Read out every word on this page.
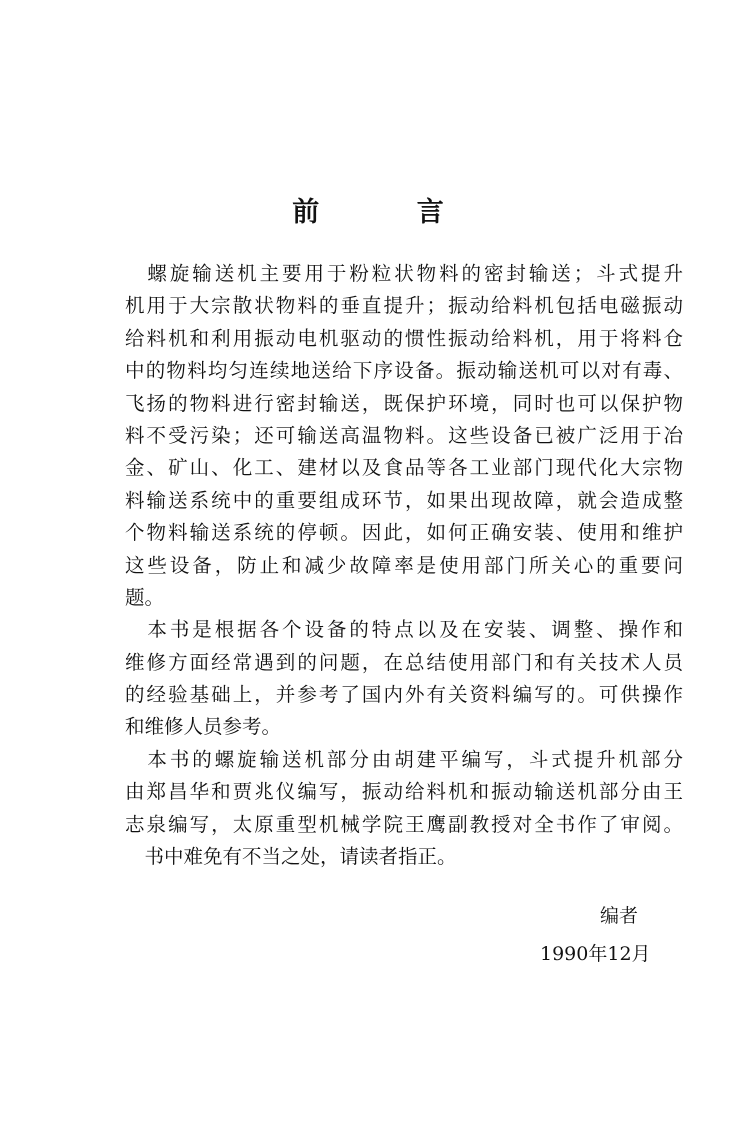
前 言
　螺旋输送机主要用于粉粒状物料的密封输送；斗式提升
机用于大宗散状物料的垂直提升；振动给料机包括电磁振动
给料机和利用振动电机驱动的惯性振动给料机，用于将料仓
中的物料均匀连续地送给下序设备。振动输送机可以对有毒、
飞扬的物料进行密封输送，既保护环境，同时也可以保护物
料不受污染；还可输送高温物料。这些设备已被广泛用于冶
金、矿山、化工、建材以及食品等各工业部门现代化大宗物
料输送系统中的重要组成环节，如果出现故障，就会造成整
个物料输送系统的停顿。因此，如何正确安装、使用和维护
这些设备，防止和减少故障率是使用部门所关心的重要问
题。
　本书是根据各个设备的特点以及在安装、调整、操作和
维修方面经常遇到的问题，在总结使用部门和有关技术人员
的经验基础上，并参考了国内外有关资料编写的。可供操作
和维修人员参考。
　本书的螺旋输送机部分由胡建平编写，斗式提升机部分
由郑昌华和贾兆仪编写，振动给料机和振动输送机部分由王
志泉编写，太原重型机械学院王鹰副教授对全书作了审阅。
　书中难免有不当之处，请读者指正。
编者
1990年12月
